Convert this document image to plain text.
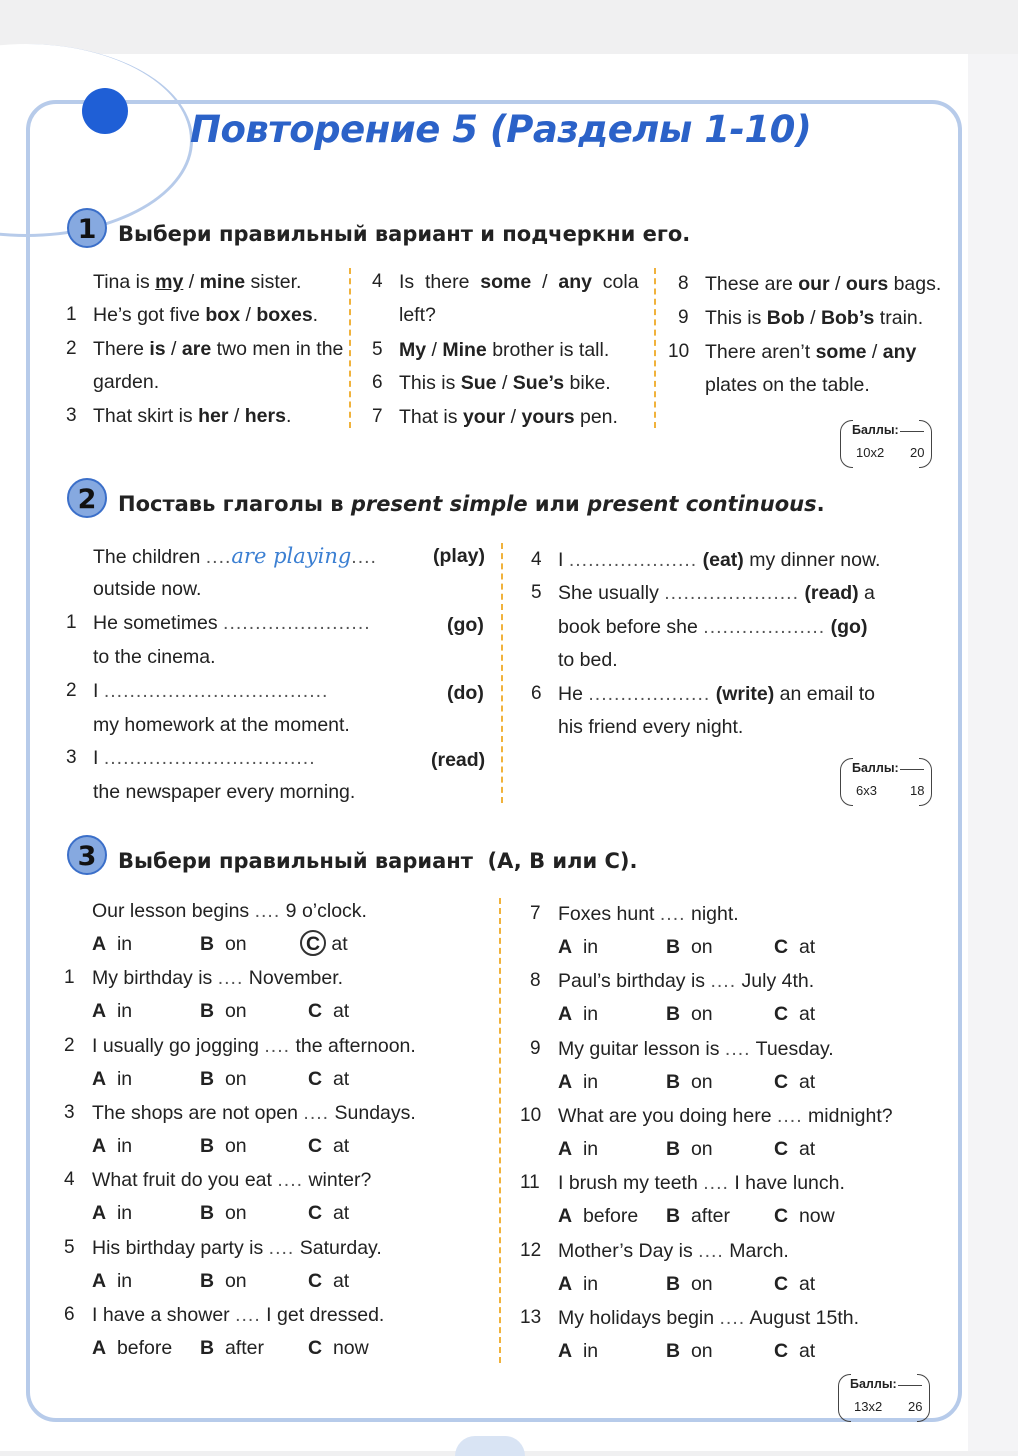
Повторение 5 (Разделы 1-10)
1	Выбери правильный вариант и подчеркни его.
Tina is my / mine sister.
1 He’s got five box / boxes.
2 There is / are two men in the
garden.
3 That skirt is her / hers.
4 Is  there  some  /  any  cola
left?
5 My / Mine brother is tall.
6 This is Sue / Sue’s bike.
7 That is your / yours pen.
8 These are our / ours bags.
9 This is Bob / Bob’s train.
10 There aren’t some / any
plates on the table.
Баллы:
10x2 20
2	Поставь глаголы в present simple или present continuous.
The children ....are playing....	(play)
outside now.
1 He sometimes .......................	(go)
to the cinema.
2 I ...................................	(do)
my homework at the moment.
3 I .................................	(read)
the newspaper every morning.
4 I .................... (eat) my dinner now.
5 She usually ..................... (read) a
book before she ................... (go)
to bed.
6 He ................... (write) an email to
his friend every night.
Баллы:
6x3	18
3	Выбери правильный вариант  (A, B или C).
Our lesson begins .... 9 o’clock.
A in	B on	C at
1 My birthday is .... November.
A in	B on	C at
2 I usually go jogging .... the afternoon.
A in	B on	C at
3 The shops are not open .... Sundays.
A in	B on	C at
4 What fruit do you eat .... winter?
A in	B on	C at
5 His birthday party is .... Saturday.
A in	B on	C at
6 I have a shower .... I get dressed.
A before B after C now
7 Foxes hunt .... night.
A in	B on	C at
8 Paul’s birthday is .... July 4th.
A in	B on	C at
9 My guitar lesson is .... Tuesday.
A in	B on	C at
10 What are you doing here .... midnight?
A in	B on	C at
11 I brush my teeth .... I have lunch.
A before B after C now
12 Mother’s Day is .... March.
A in	B on	C at
13 My holidays begin .... August 15th.
A in	B on	C at
Баллы:
13x2 26
